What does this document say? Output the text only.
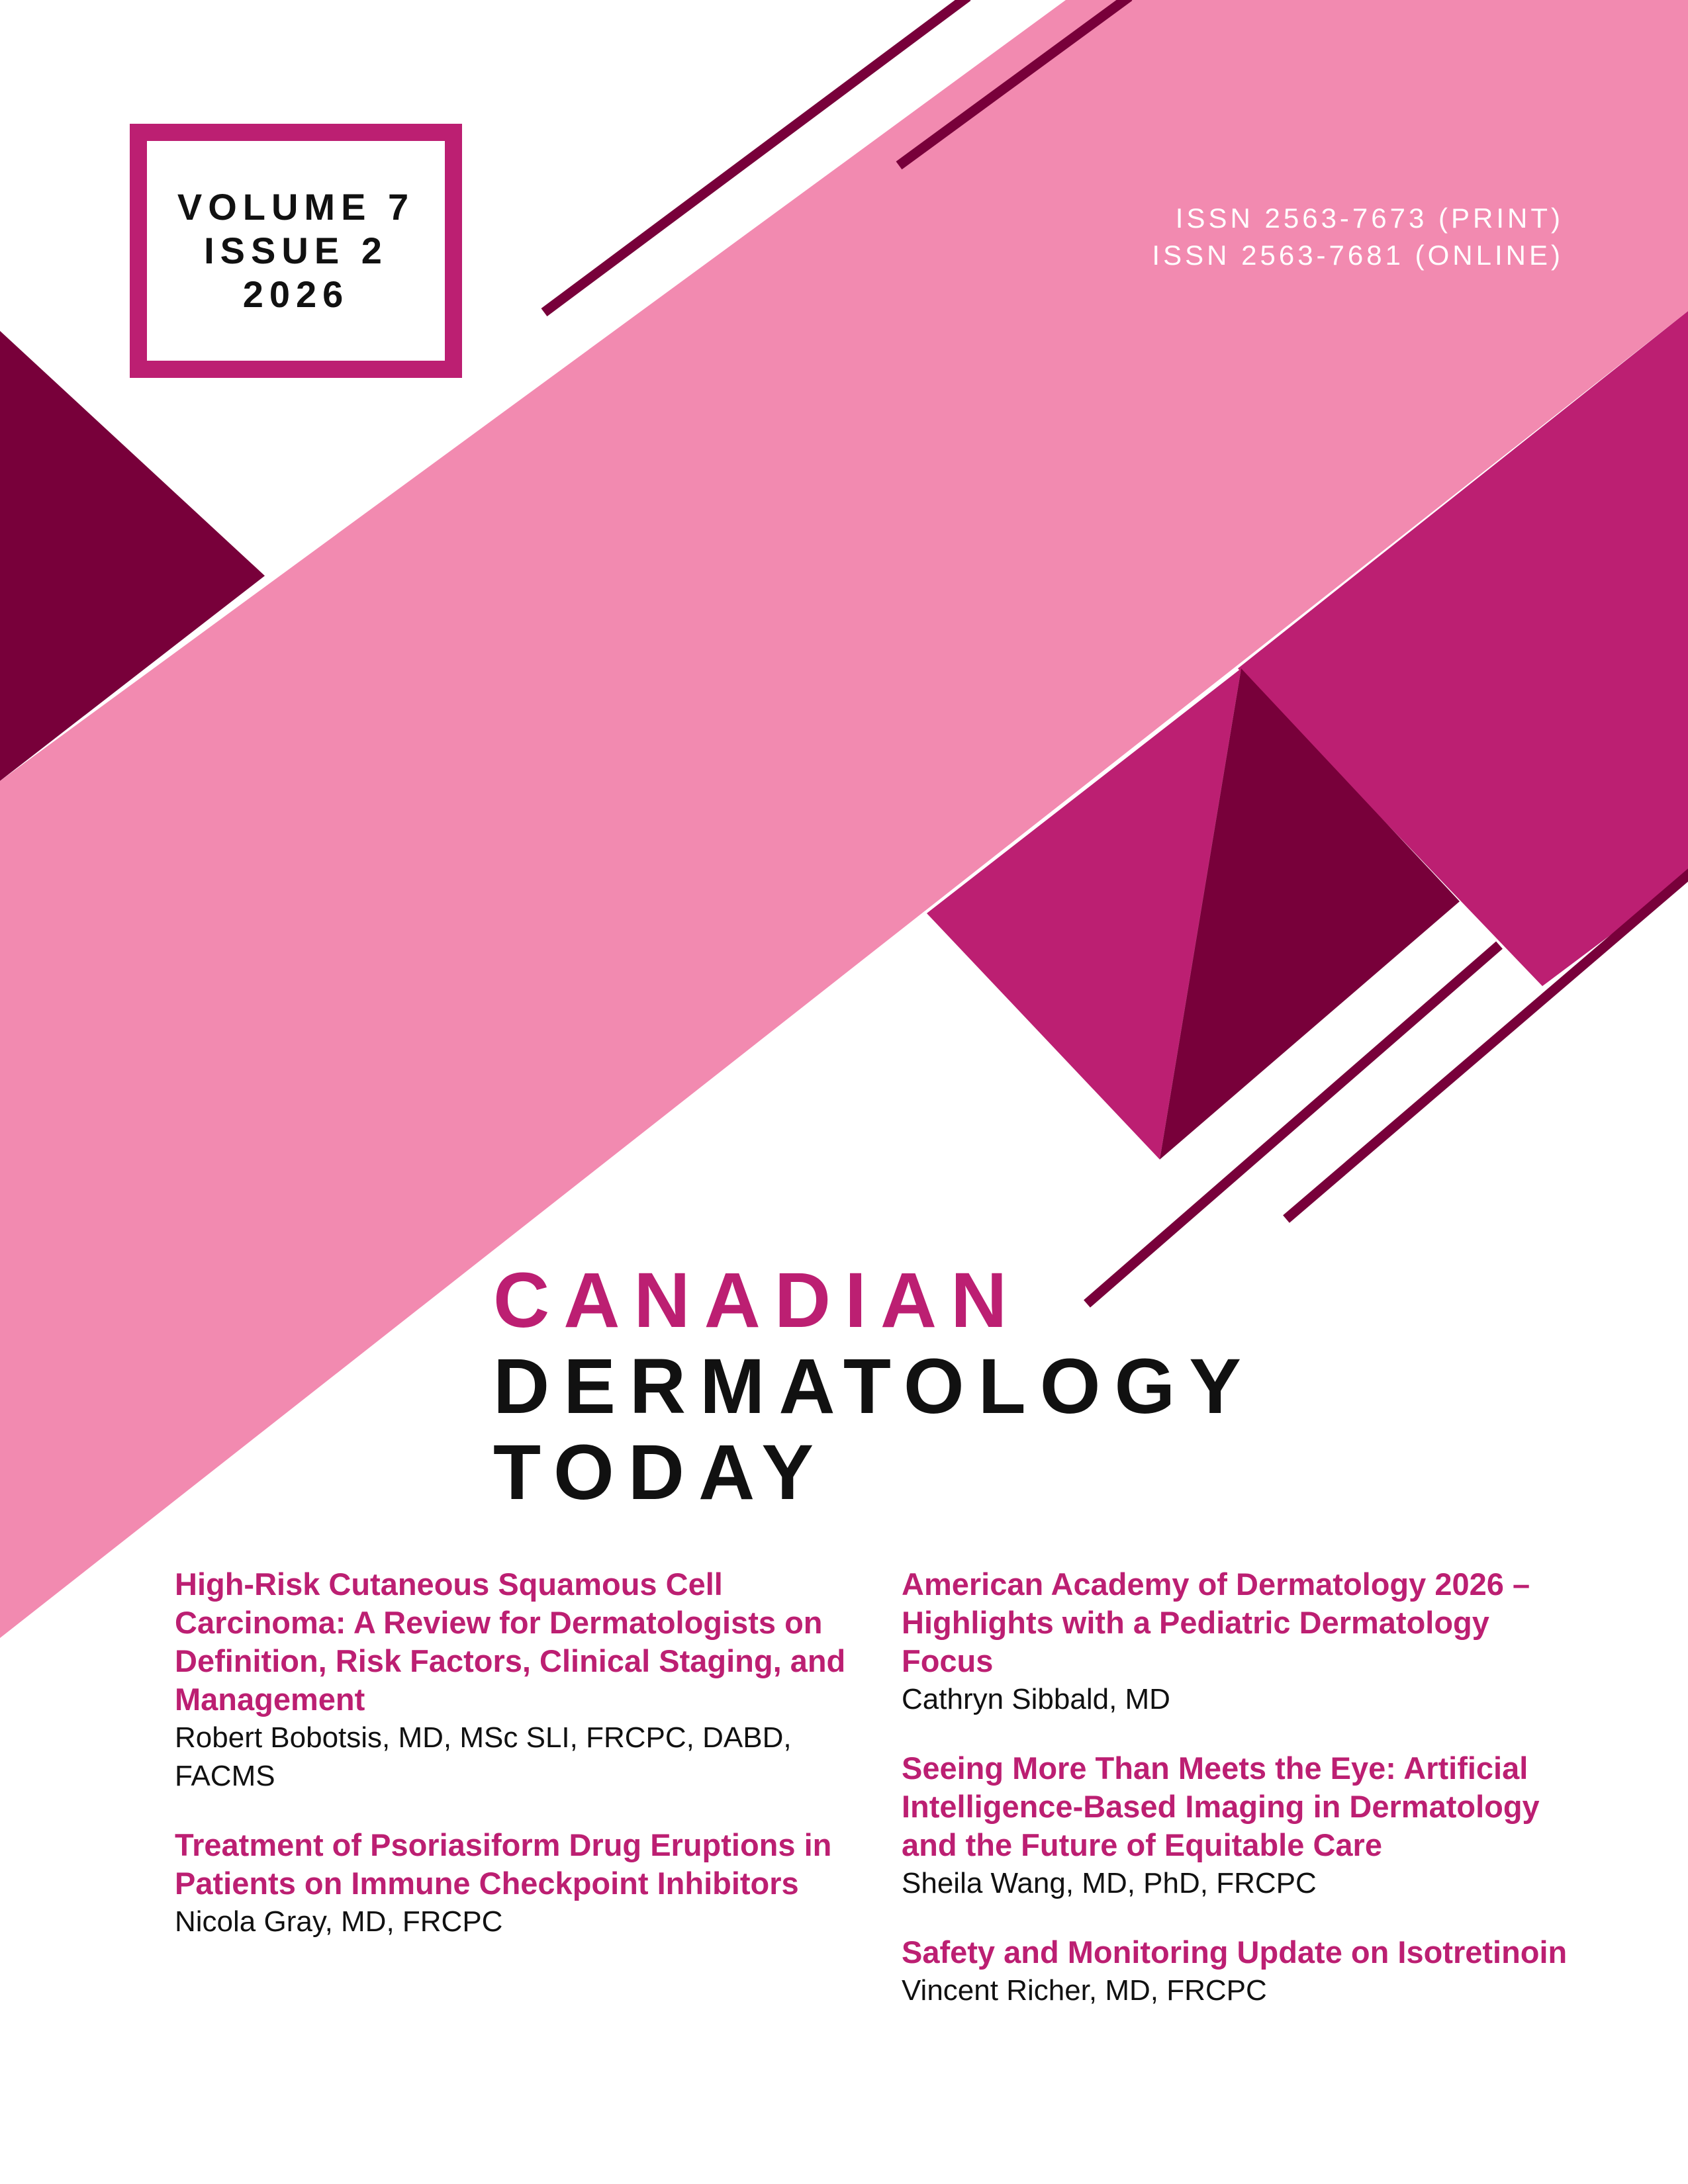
VOLUME 7
ISSUE 2
2026
ISSN 2563-7673 (PRINT)
ISSN 2563-7681 (ONLINE)
CANADIAN
DERMATOLOGY
TODAY
High-Risk Cutaneous Squamous Cell Carcinoma: A Review for Dermatologists on Definition, Risk Factors, Clinical Staging, and Management
Robert Bobotsis, MD, MSc SLI, FRCPC, DABD, FACMS
Treatment of Psoriasiform Drug Eruptions in Patients on Immune Checkpoint Inhibitors
Nicola Gray, MD, FRCPC
American Academy of Dermatology 2026 – Highlights with a Pediatric Dermatology Focus
Cathryn Sibbald, MD
Seeing More Than Meets the Eye: Artificial Intelligence-Based Imaging in Dermatology and the Future of Equitable Care
Sheila Wang, MD, PhD, FRCPC
Safety and Monitoring Update on Isotretinoin
Vincent Richer, MD, FRCPC
